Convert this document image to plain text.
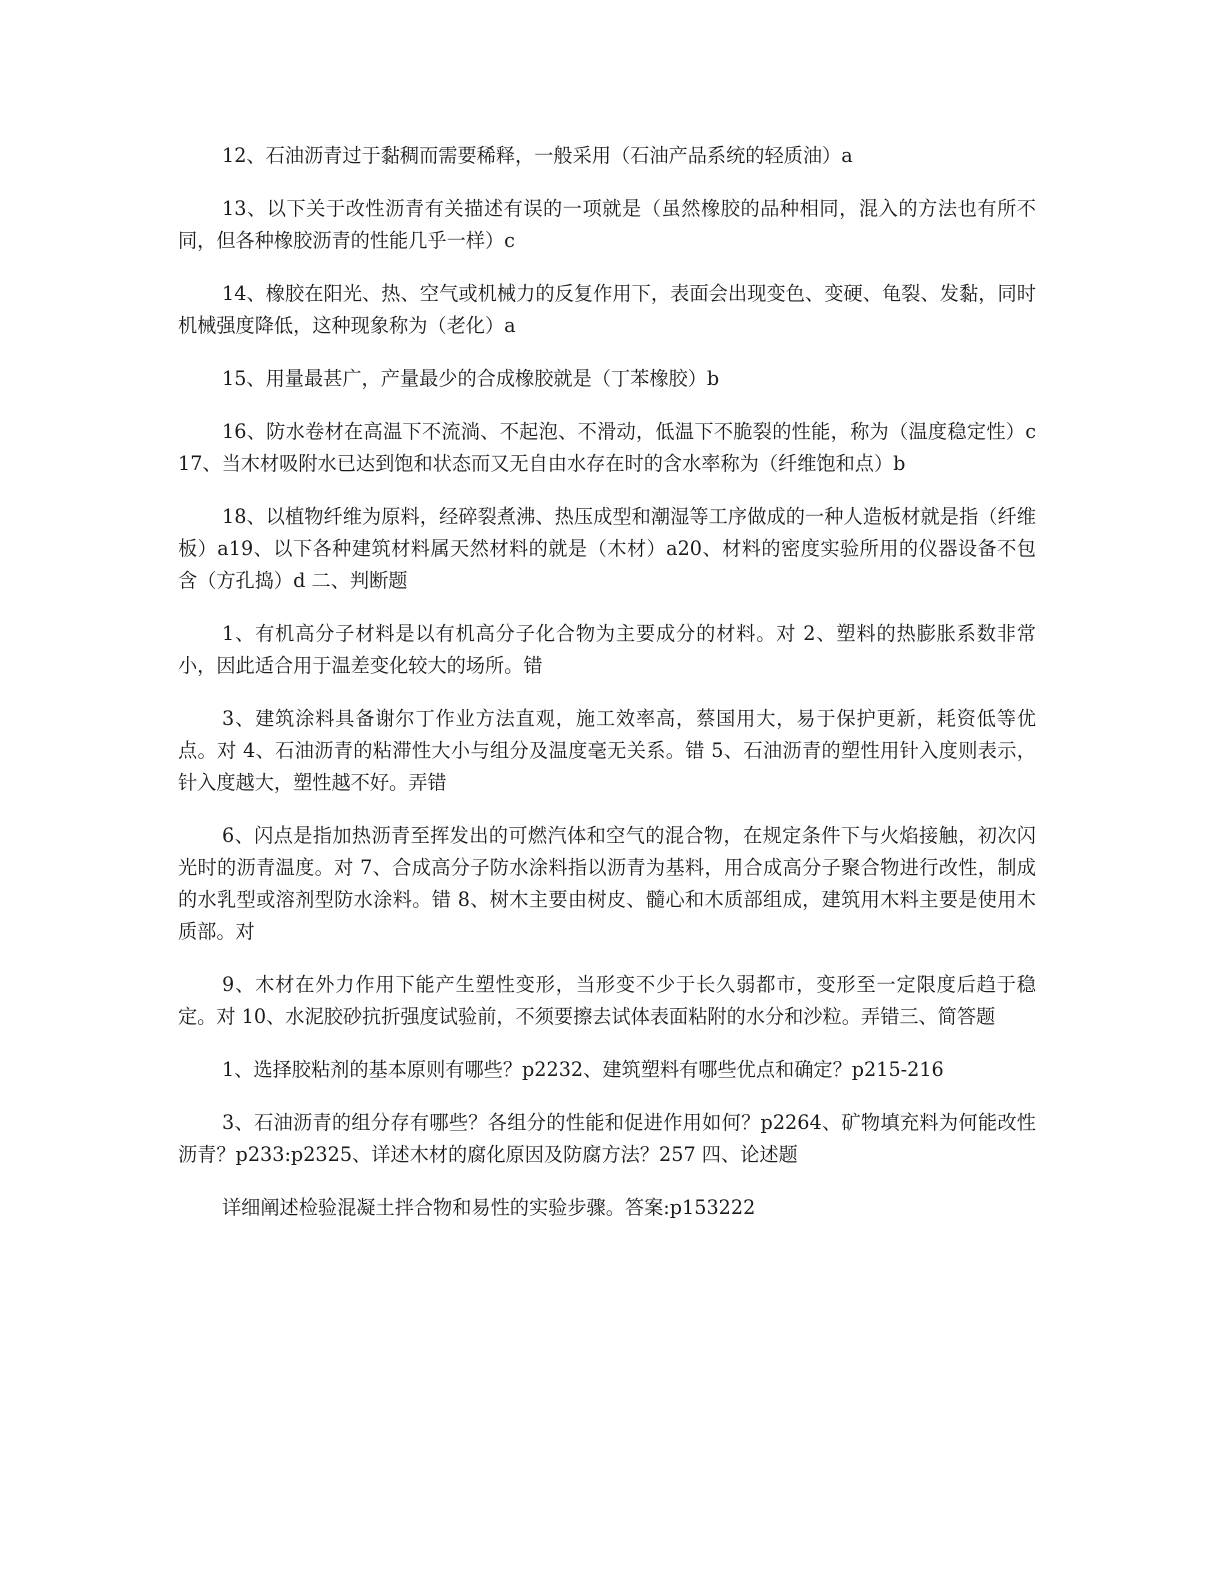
12、石油沥青过于黏稠而需要稀释，一般采用（石油产品系统的轻质油）a

13、以下关于改性沥青有关描述有误的一项就是（虽然橡胶的品种相同，混入的方法也有所不同，但各种橡胶沥青的性能几乎一样）c

14、橡胶在阳光、热、空气或机械力的反复作用下，表面会出现变色、变硬、龟裂、发黏，同时机械强度降低，这种现象称为（老化）a

15、用量最甚广，产量最少的合成橡胶就是（丁苯橡胶）b

16、防水卷材在高温下不流淌、不起泡、不滑动，低温下不脆裂的性能，称为（温度稳定性）c17、当木材吸附水已达到饱和状态而又无自由水存在时的含水率称为（纤维饱和点）b

18、以植物纤维为原料，经碎裂煮沸、热压成型和潮湿等工序做成的一种人造板材就是指（纤维板）a19、以下各种建筑材料属天然材料的就是（木材）a20、材料的密度实验所用的仪器设备不包含（方孔捣）d 二、判断题

1、有机高分子材料是以有机高分子化合物为主要成分的材料。对 2、塑料的热膨胀系数非常小，因此适合用于温差变化较大的场所。错

3、建筑涂料具备谢尔丁作业方法直观，施工效率高，蔡国用大，易于保护更新，耗资低等优点。对 4、石油沥青的粘滞性大小与组分及温度毫无关系。错 5、石油沥青的塑性用针入度则表示，针入度越大，塑性越不好。弄错

6、闪点是指加热沥青至挥发出的可燃汽体和空气的混合物，在规定条件下与火焰接触，初次闪光时的沥青温度。对 7、合成高分子防水涂料指以沥青为基料，用合成高分子聚合物进行改性，制成的水乳型或溶剂型防水涂料。错 8、树木主要由树皮、髓心和木质部组成，建筑用木料主要是使用木质部。对

9、木材在外力作用下能产生塑性变形，当形变不少于长久弱都市，变形至一定限度后趋于稳定。对 10、水泥胶砂抗折强度试验前，不须要擦去试体表面粘附的水分和沙粒。弄错三、简答题

1、选择胶粘剂的基本原则有哪些？p2232、建筑塑料有哪些优点和确定？p215-216

3、石油沥青的组分存有哪些？各组分的性能和促进作用如何？p2264、矿物填充料为何能改性沥青？p233:p2325、详述木材的腐化原因及防腐方法？257 四、论述题

详细阐述检验混凝土拌合物和易性的实验步骤。答案:p153222
